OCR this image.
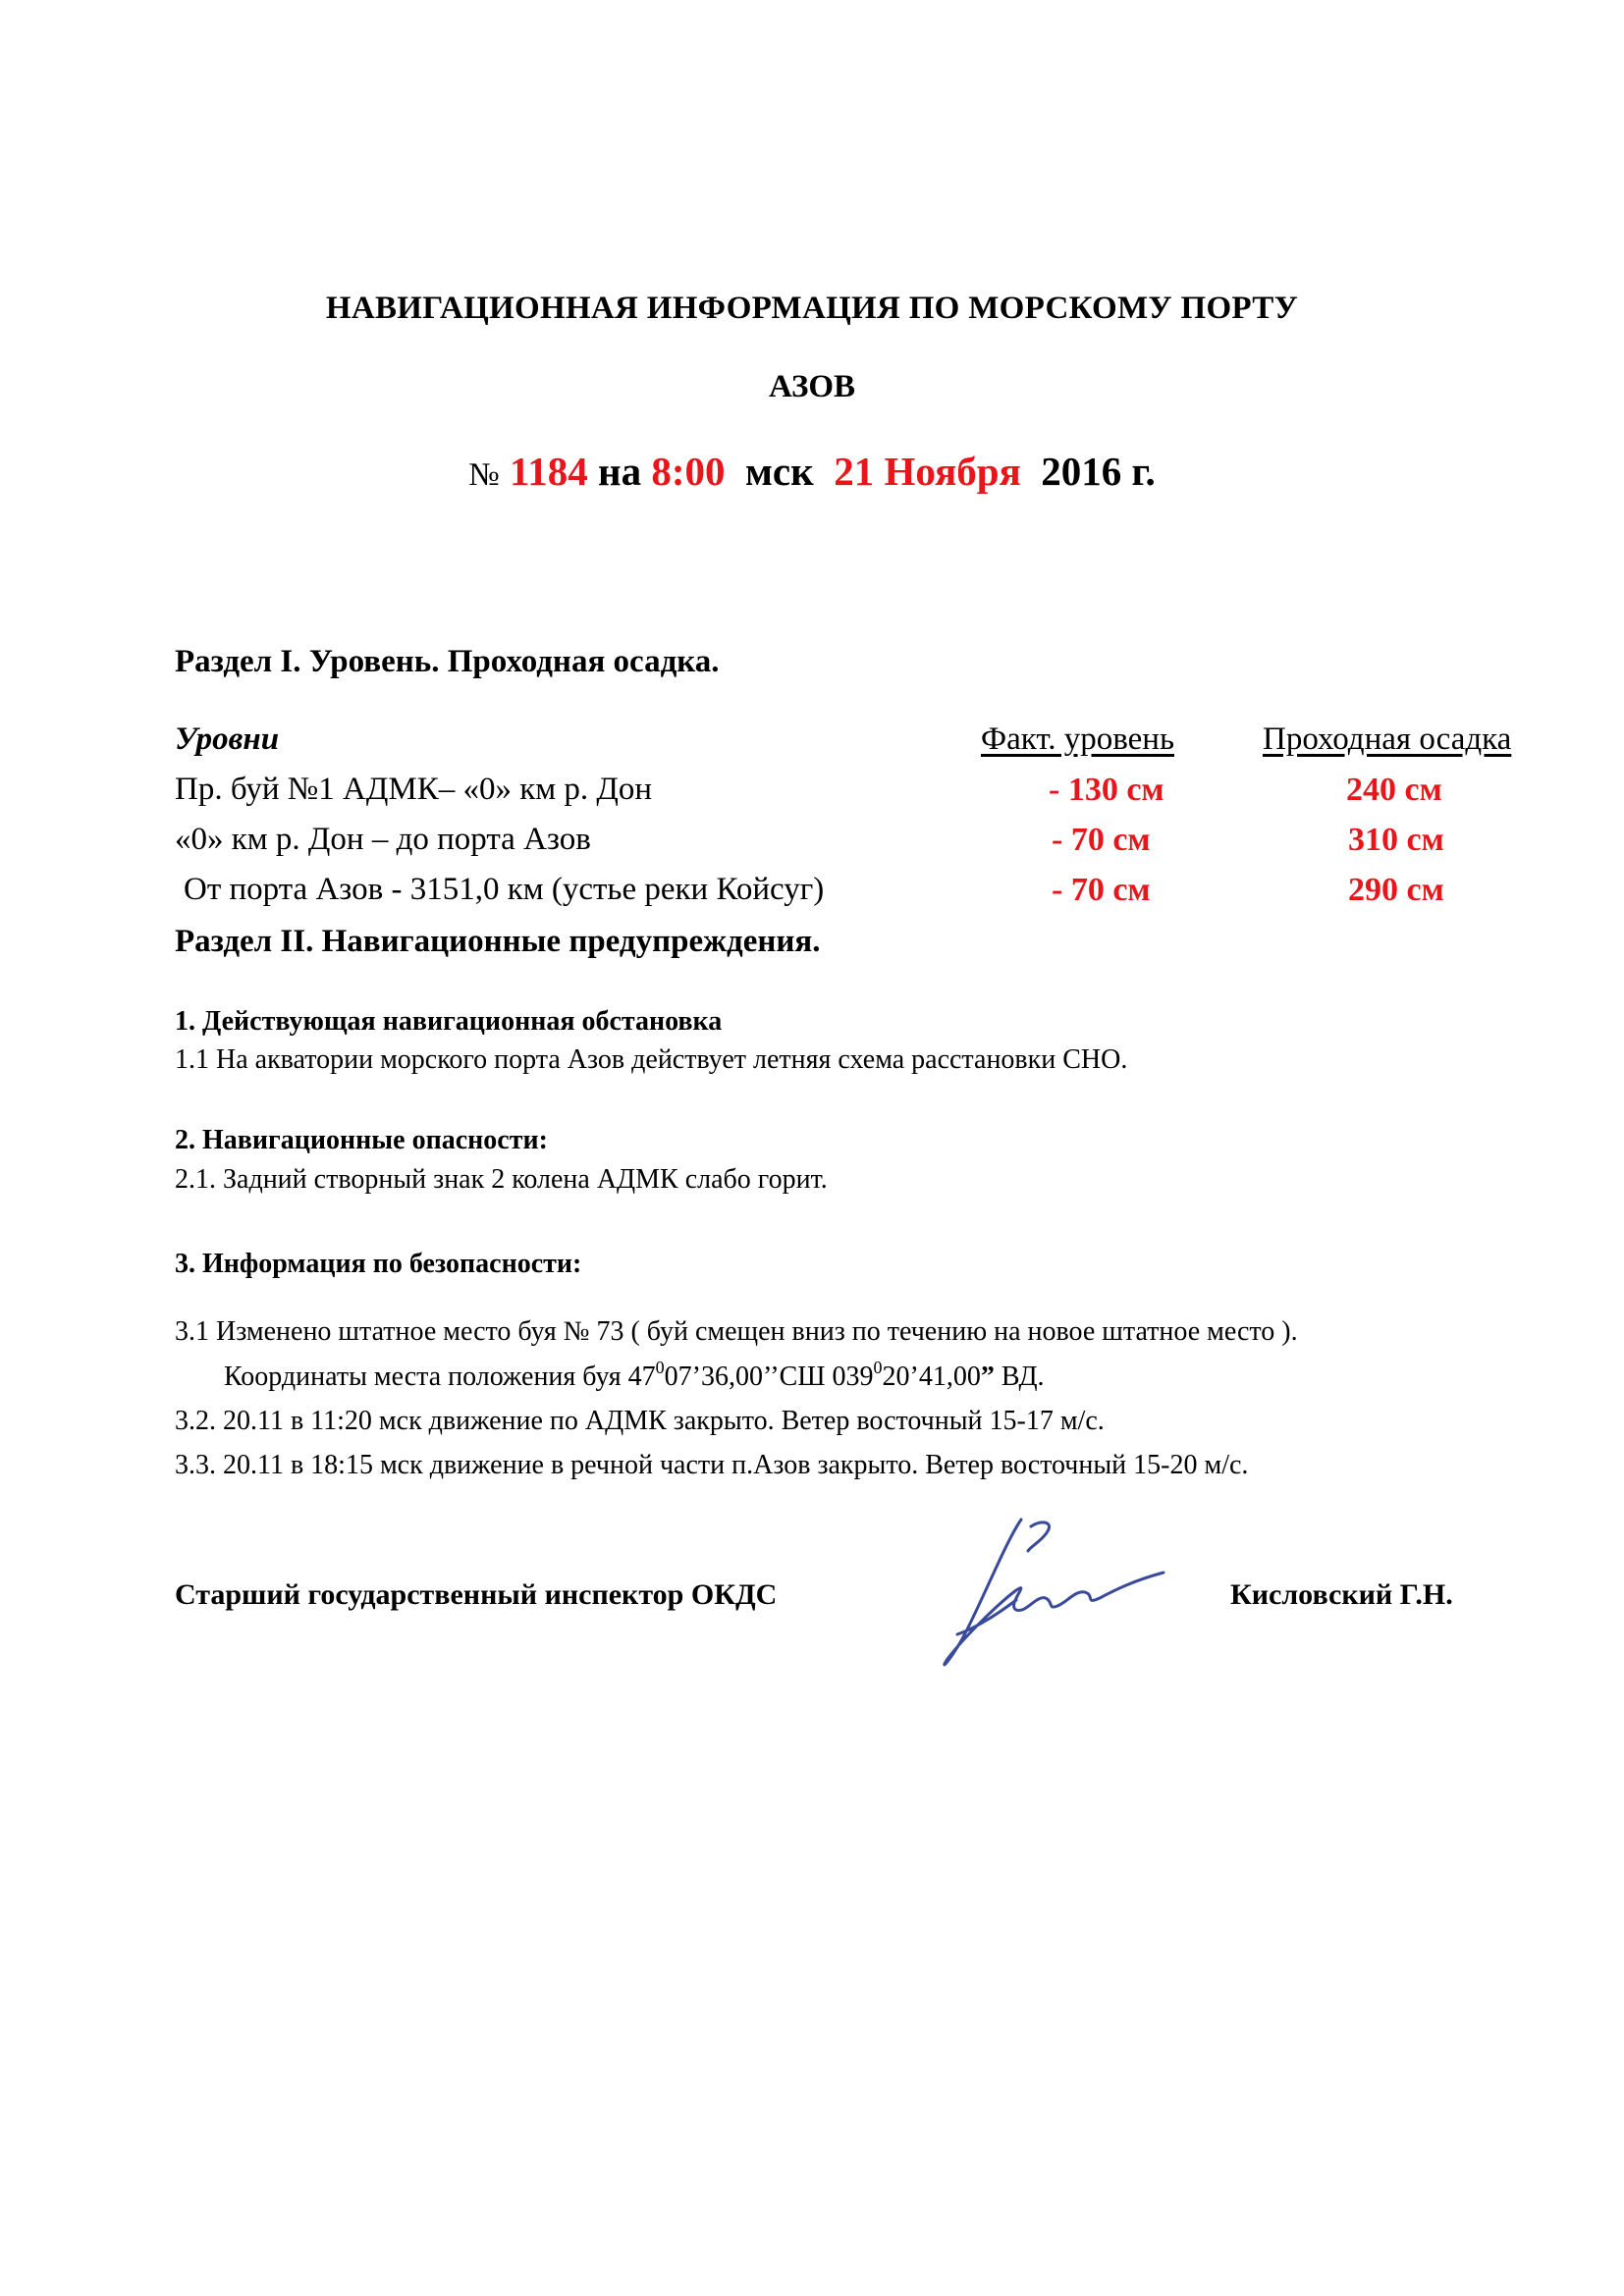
НАВИГАЦИОННАЯ ИНФОРМАЦИЯ ПО МОРСКОМУ ПОРТУ
АЗОВ
№ 1184 на 8:00 мск 21 Ноября 2016 г.
Раздел I. Уровень. Проходная осадка.
Уровни	Факт. уровень	Проходная осадка
Пр. буй №1 АДМК– «0» км р. Дон	- 130 см	240 см
«0» км р. Дон – до порта Азов	- 70 см	310 см
От порта Азов - 3151,0 км (устье реки Койсуг)	- 70 см	290 см
Раздел II. Навигационные предупреждения.
1. Действующая навигационная обстановка
1.1 На акватории морского порта Азов действует летняя схема расстановки СНО.
2. Навигационные опасности:
2.1. Задний створный знак 2 колена АДМК слабо горит.
3. Информация по безопасности:
3.1 Изменено штатное место буя № 73 ( буй смещен вниз по течению на новое штатное место ).
Координаты места положения буя $47^007’36,00’’СШ$ $039^020’41,00$” ВД.
3.2. 20.11 в 11:20 мск движение по АДМК закрыто. Ветер восточный 15-17 м/с.
3.3. 20.11 в 18:15 мск движение в речной части п.Азов закрыто. Ветер восточный 15-20 м/с.
Старший государственный инспектор ОКДС	Кисловский Г.Н.
